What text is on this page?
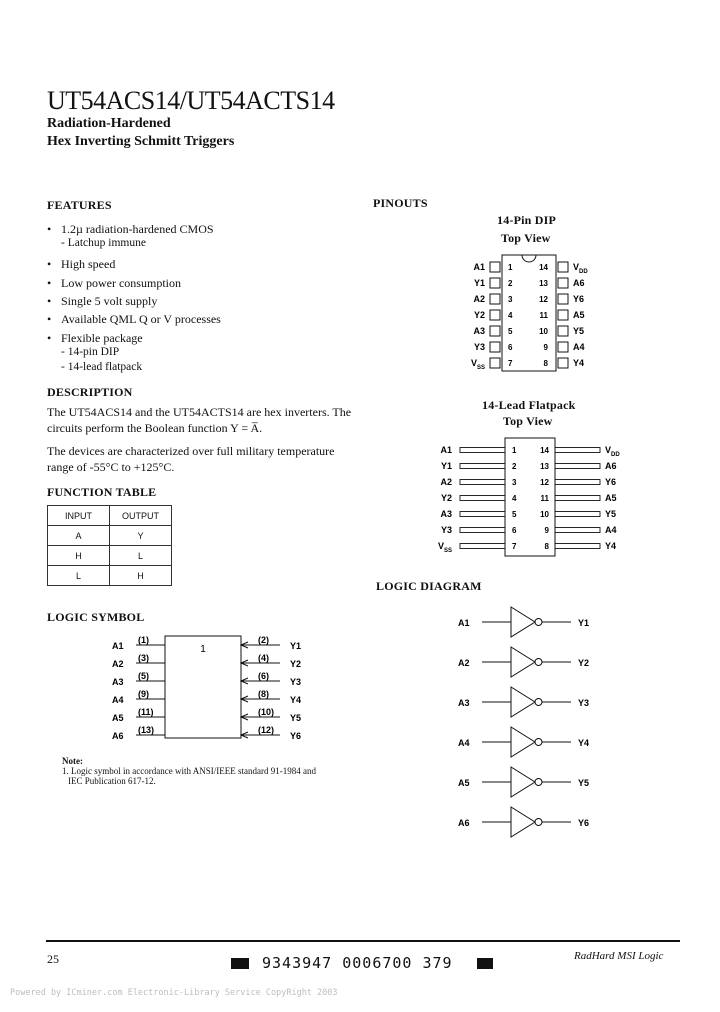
UT54ACS14/UT54ACTS14
Radiation-Hardened
Hex Inverting Schmitt Triggers
FEATURES
• 1.2µ radiation-hardened CMOS
- Latchup immune
• High speed
• Low power consumption
• Single 5 volt supply
• Available QML Q or V processes
• Flexible package
- 14-pin DIP
- 14-lead flatpack
DESCRIPTION
The UT54ACS14 and the UT54ACTS14 are hex inverters. The
circuits perform the Boolean function Y = A̅.
The devices are characterized over full military temperature
range of -55°C to +125°C.
FUNCTION TABLE
INPUT	OUTPUT
A	Y
H	L
L	H
LOGIC SYMBOL
1
A1
(1)	(2)
Y1
A2
(3)	(4)
Y2
A3
(5)	(6)
Y3
A4
(9)	(8)
Y4
A5
(11)	(10)
Y5
A6
(13)	(12)
Y6
Note:
1. Logic symbol in accordance with ANSI/IEEE standard 91-1984 and
IEC Publication 617-12.
PINOUTS
14-Pin DIP
Top View
1
A1
2
Y1
3
A2
4
Y2
5
A3
6
Y3
7
$V_{SS}$
14	$V_{DD}$
13	A6
12	Y6
11	A5
10	Y5
9	A4
8	Y4
14-Lead Flatpack
Top View
1
A1
2
Y1
3
A2
4
Y2
5
A3
6
Y3
7
$V_{SS}$
14	$V_{DD}$
13	A6
12	Y6
11	A5
10	Y5
9	A4
8	Y4
LOGIC DIAGRAM
A1	Y1
A2	Y2
A3	Y3
A4	Y4
A5	Y5
A6	Y6
25	9343947 0006700 379	RadHard MSI Logic
Powered by ICminer.com Electronic-Library Service CopyRight 2003
